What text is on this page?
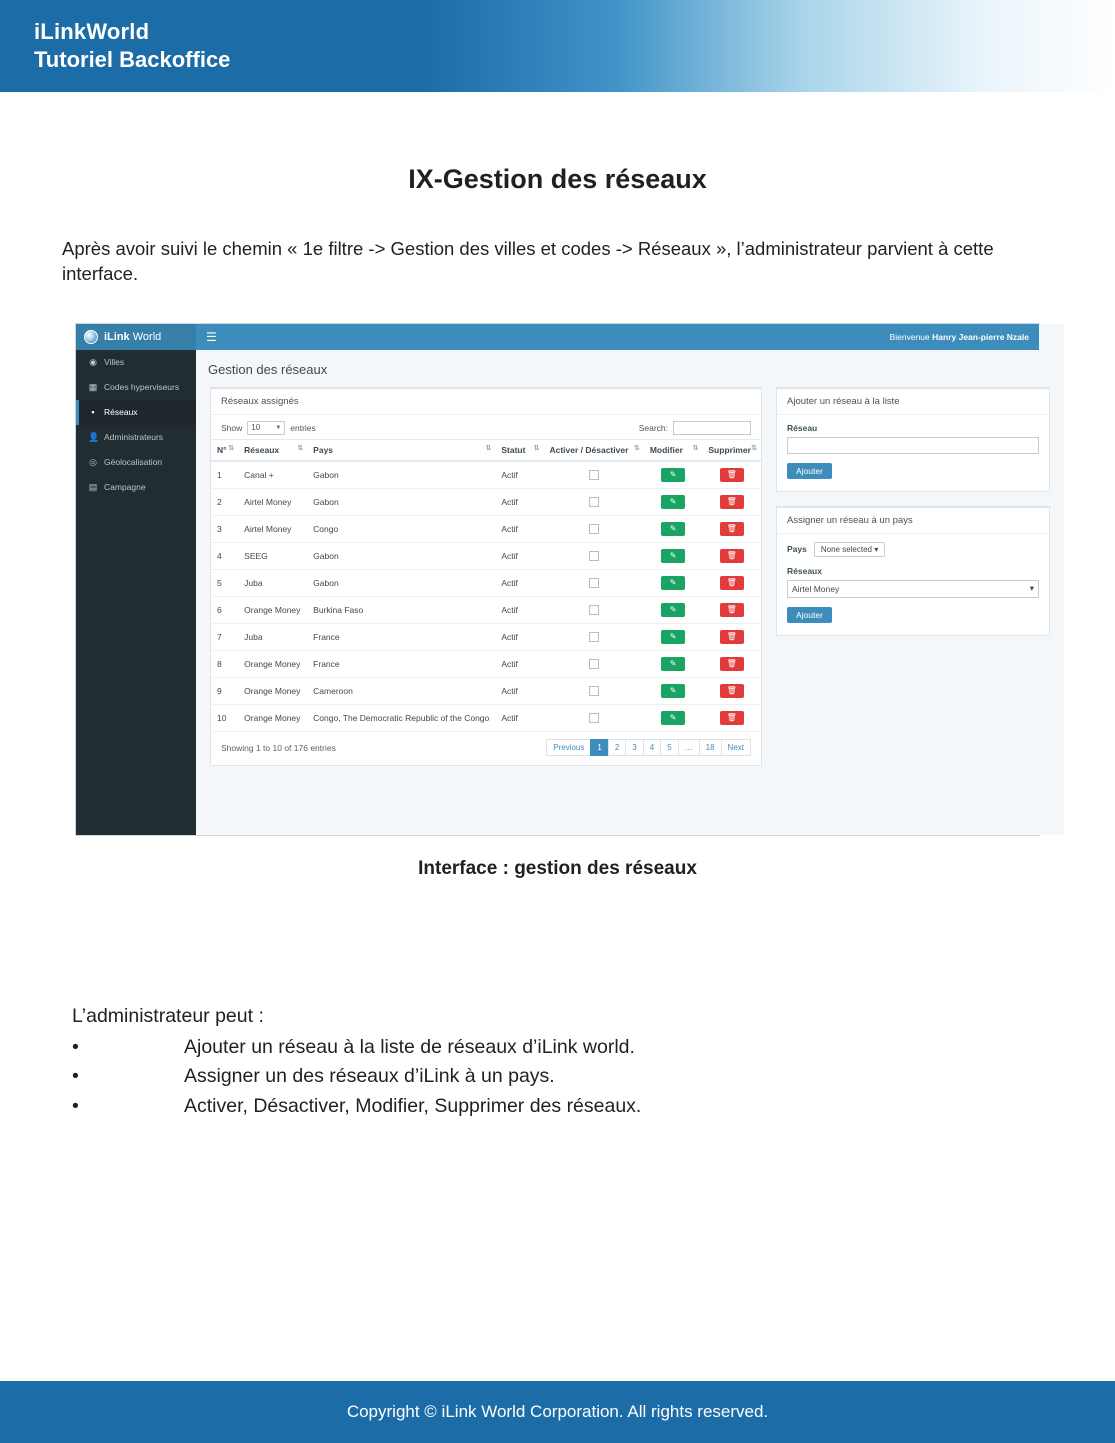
iLinkWorld
Tutoriel Backoffice
IX-Gestion des réseaux

Après avoir suivi le chemin « 1e filtre -> Gestion des villes et codes -> Réseaux », l’administrateur parvient à cette interface.

iLink World	☰	Bienvenue Hanry Jean-pierre Nzale
◉ Villes
▦ Codes hyperviseurs
▪	Réseaux
👤 Administrateurs
◎ Géolocalisation
▤ Campagne
Gestion des réseaux
Réseaux assignés
Show 10	▼ entries	Search:
N° ⇅	Réseaux ⇅	Pays ⇅	Statut ⇅	Activer / Désactiver ⇅	Modifier ⇅	Supprimer ⇅

1	Canal +	Gabon	Actif		✎	🗑
2	Airtel Money	Gabon	Actif		✎	🗑
3	Airtel Money	Congo	Actif		✎	🗑
4	SEEG	Gabon	Actif		✎	🗑
5	Juba	Gabon	Actif		✎	🗑
6	Orange Money	Burkina Faso	Actif		✎	🗑
7	Juba	France	Actif		✎	🗑
8	Orange Money	France	Actif		✎	🗑
9	Orange Money	Cameroon	Actif		✎	🗑
10	Orange Money	Congo, The Democratic Republic of the Congo	Actif		✎	🗑
Showing 1 to 10 of 176 entries	Previous	1	2	3	4	5	…	18	Next
Ajouter un réseau à la liste
Réseau
Ajouter
Assigner un réseau à un pays
Pays	None selected ▾
Réseaux
Airtel Money	▾
Ajouter
Interface : gestion des réseaux
L’administrateur peut :
•
Ajouter un réseau à la liste de réseaux d’iLink world.
•
Assigner un des réseaux d’iLink à un pays.
•
Activer, Désactiver, Modifier, Supprimer des réseaux.
Copyright © iLink World Corporation. All rights reserved.
